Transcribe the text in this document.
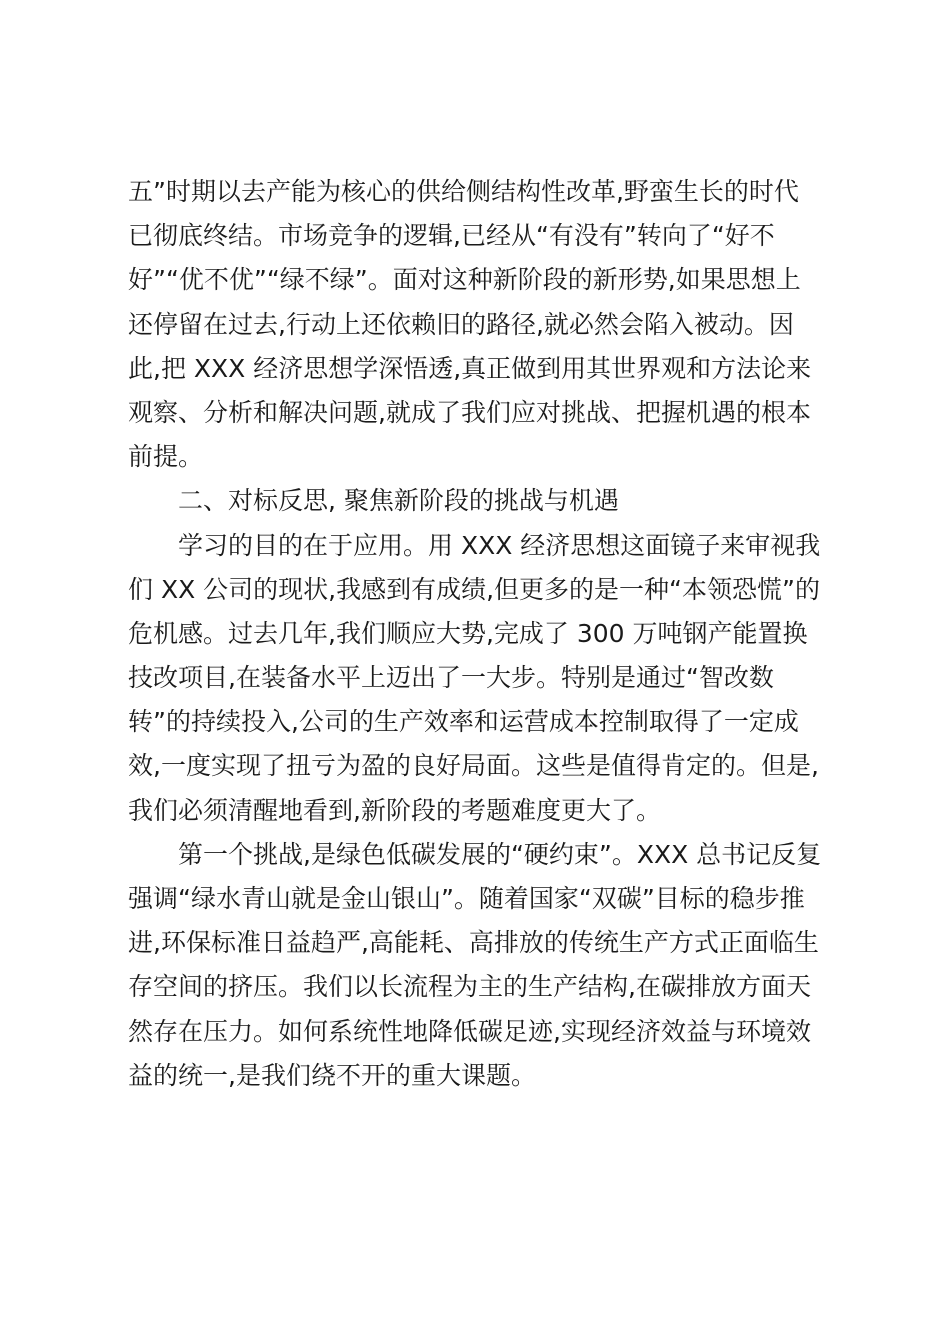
五”时期以去产能为核心的供给侧结构性改革,野蛮生长的时代
已彻底终结。市场竞争的逻辑,已经从“有没有”转向了“好不
好”“优不优”“绿不绿”。面对这种新阶段的新形势,如果思想上
还停留在过去,行动上还依赖旧的路径,就必然会陷入被动。因
此,把 XXX 经济思想学深悟透,真正做到用其世界观和方法论来
观察、分析和解决问题,就成了我们应对挑战、把握机遇的根本
前提。
二、对标反思, 聚焦新阶段的挑战与机遇
学习的目的在于应用。用 XXX 经济思想这面镜子来审视我
们 XX 公司的现状,我感到有成绩,但更多的是一种“本领恐慌”的
危机感。过去几年,我们顺应大势,完成了 300 万吨钢产能置换
技改项目,在装备水平上迈出了一大步。特别是通过“智改数
转”的持续投入,公司的生产效率和运营成本控制取得了一定成
效,一度实现了扭亏为盈的良好局面。这些是值得肯定的。但是,
我们必须清醒地看到,新阶段的考题难度更大了。
第一个挑战,是绿色低碳发展的“硬约束”。XXX 总书记反复
强调“绿水青山就是金山银山”。随着国家“双碳”目标的稳步推
进,环保标准日益趋严,高能耗、高排放的传统生产方式正面临生
存空间的挤压。我们以长流程为主的生产结构,在碳排放方面天
然存在压力。如何系统性地降低碳足迹,实现经济效益与环境效
益的统一,是我们绕不开的重大课题。
